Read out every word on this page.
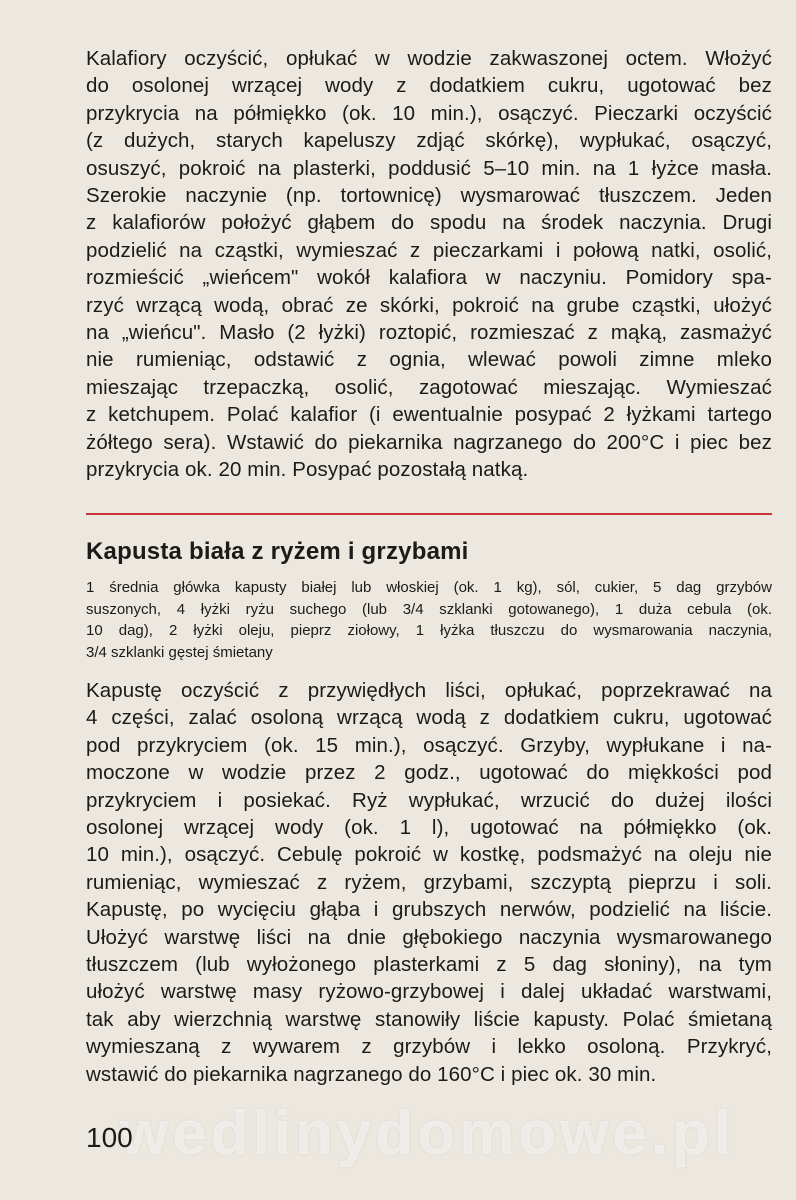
Kalafiory oczyścić, opłukać w wodzie zakwaszonej octem. Włożyć

do osolonej wrzącej wody z dodatkiem cukru, ugotować bez

przykrycia na półmiękko (ok. 10 min.), osączyć. Pieczarki oczyścić

(z dużych, starych kapeluszy zdjąć skórkę), wypłukać, osączyć,

osuszyć, pokroić na plasterki, poddusić 5–10 min. na 1 łyżce masła.

Szerokie naczynie (np. tortownicę) wysmarować tłuszczem. Jeden

z kalafiorów położyć głąbem do spodu na środek naczynia. Drugi

podzielić na cząstki, wymieszać z pieczarkami i połową natki, osolić,

rozmieścić „wieńcem" wokół kalafiora w naczyniu. Pomidory spa-

rzyć wrzącą wodą, obrać ze skórki, pokroić na grube cząstki, ułożyć

na „wieńcu". Masło (2 łyżki) roztopić, rozmieszać z mąką, zasmażyć

nie rumieniąc, odstawić z ognia, wlewać powoli zimne mleko

mieszając trzepaczką, osolić, zagotować mieszając. Wymieszać

z ketchupem. Polać kalafior (i ewentualnie posypać 2 łyżkami tartego

żółtego sera). Wstawić do piekarnika nagrzanego do 200°C i piec bez

przykrycia ok. 20 min. Posypać pozostałą natką.

Kapusta biała z ryżem i grzybami

1 średnia główka kapusty białej lub włoskiej (ok. 1 kg), sól, cukier, 5 dag grzybów

suszonych, 4 łyżki ryżu suchego (lub 3/4 szklanki gotowanego), 1 duża cebula (ok.

10 dag), 2 łyżki oleju, pieprz ziołowy, 1 łyżka tłuszczu do wysmarowania naczynia,

3/4 szklanki gęstej śmietany

Kapustę oczyścić z przywiędłych liści, opłukać, poprzekrawać na

4 części, zalać osoloną wrzącą wodą z dodatkiem cukru, ugotować

pod przykryciem (ok. 15 min.), osączyć. Grzyby, wypłukane i na-

moczone w wodzie przez 2 godz., ugotować do miękkości pod

przykryciem i posiekać. Ryż wypłukać, wrzucić do dużej ilości

osolonej wrzącej wody (ok. 1 l), ugotować na półmiękko (ok.

10 min.), osączyć. Cebulę pokroić w kostkę, podsmażyć na oleju nie

rumieniąc, wymieszać z ryżem, grzybami, szczyptą pieprzu i soli.

Kapustę, po wycięciu głąba i grubszych nerwów, podzielić na liście.

Ułożyć warstwę liści na dnie głębokiego naczynia wysmarowanego

tłuszczem (lub wyłożonego plasterkami z 5 dag słoniny), na tym

ułożyć warstwę masy ryżowo-grzybowej i dalej układać warstwami,

tak aby wierzchnią warstwę stanowiły liście kapusty. Polać śmietaną

wymieszaną z wywarem z grzybów i lekko osoloną. Przykryć,

wstawić do piekarnika nagrzanego do 160°C i piec ok. 30 min.

wedlinydomowe.pl
100
